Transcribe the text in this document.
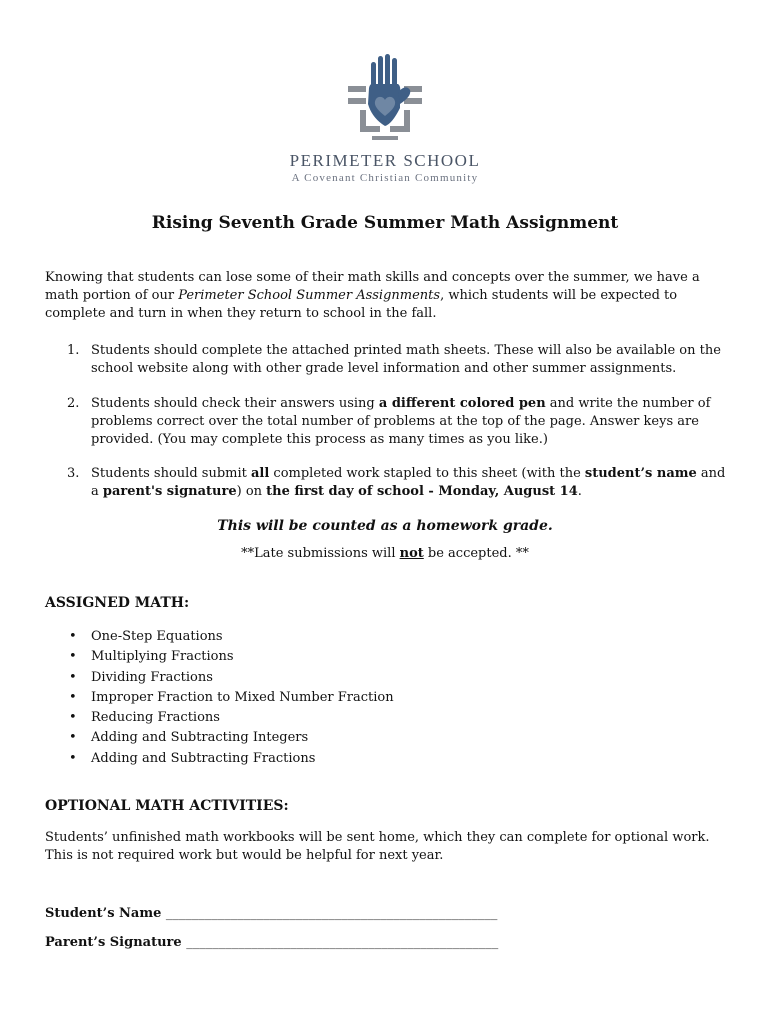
PERIMETER SCHOOL
A Covenant Christian Community
Rising Seventh Grade Summer Math Assignment

Knowing that students can lose some of their math skills and concepts over the summer, we have a math portion of our Perimeter School Summer Assignments, which students will be expected to complete and turn in when they return to school in the fall.

1. Students should complete the attached printed math sheets. These will also be available on the school website along with other grade level information and other summer assignments.
2. Students should check their answers using a different colored pen and write the number of problems correct over the total number of problems at the top of the page. Answer keys are provided. (You may complete this process as many times as you like.)
3. Students should submit all completed work stapled to this sheet (with the student’s name and a parent's signature) on the first day of school - Monday, August 14.
This will be counted as a homework grade.
**Late submissions will not be accepted. **
ASSIGNED MATH:
• One-Step Equations
• Multiplying Fractions
• Dividing Fractions
• Improper Fraction to Mixed Number Fraction
• Reducing Fractions
• Adding and Subtracting Integers
• Adding and Subtracting Fractions
OPTIONAL MATH ACTIVITIES:

Students’ unfinished math workbooks will be sent home, which they can complete for optional work. This is not required work but would be helpful for next year.

Student’s Name ___________________________________________________
Parent’s Signature ________________________________________________
